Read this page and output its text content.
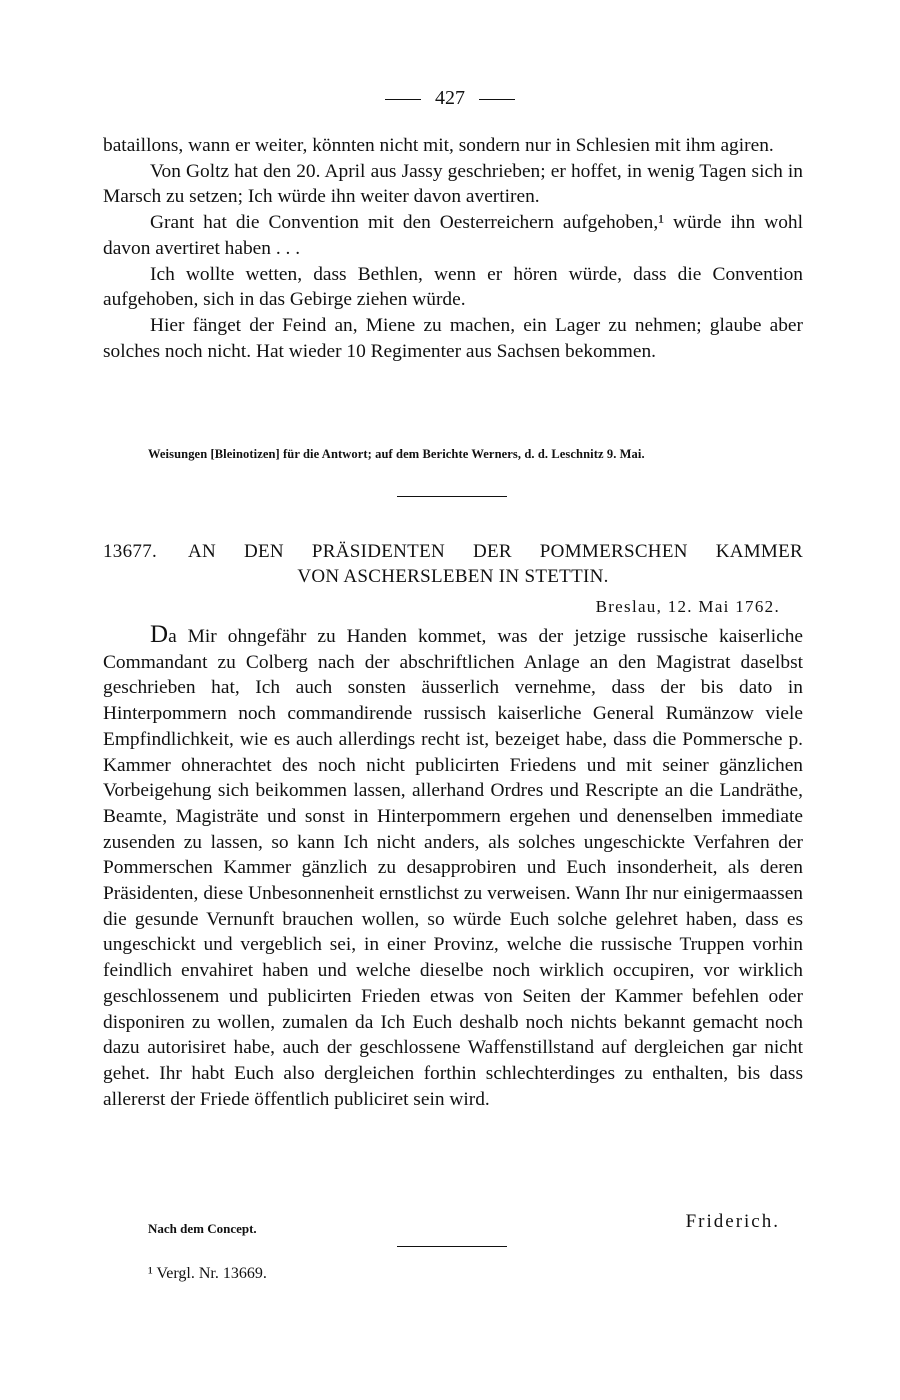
427

bataillons, wann er weiter, könnten nicht mit, sondern nur in Schlesien mit ihm agiren.

Von Goltz hat den 20. April aus Jassy geschrieben; er hoffet, in wenig Tagen sich in Marsch zu setzen; Ich würde ihn weiter davon avertiren.

Grant hat die Convention mit den Oesterreichern aufgehoben,¹ würde ihn wohl davon avertiret haben . . .

Ich wollte wetten, dass Bethlen, wenn er hören würde, dass die Convention aufgehoben, sich in das Gebirge ziehen würde.

Hier fänget der Feind an, Miene zu machen, ein Lager zu nehmen; glaube aber solches noch nicht. Hat wieder 10 Regimenter aus Sachsen bekommen.

Weisungen [Bleinotizen] für die Antwort; auf dem Berichte Werners, d. d. Leschnitz 9. Mai.
13677. AN DEN PRÄSIDENTEN DER POMMERSCHEN KAMMER
VON ASCHERSLEBEN IN STETTIN.
Breslau, 12. Mai 1762.

Da Mir ohngefähr zu Handen kommet, was der jetzige russische kaiserliche Commandant zu Colberg nach der abschriftlichen Anlage an den Magistrat daselbst geschrieben hat, Ich auch sonsten äusserlich vernehme, dass der bis dato in Hinterpommern noch commandirende russisch kaiserliche General Rumänzow viele Empfindlichkeit, wie es auch allerdings recht ist, bezeiget habe, dass die Pommersche p. Kammer ohnerachtet des noch nicht publicirten Friedens und mit seiner gänzlichen Vorbeigehung sich beikommen lassen, allerhand Ordres und Rescripte an die Landräthe, Beamte, Magisträte und sonst in Hinterpommern ergehen und denenselben immediate zusenden zu lassen, so kann Ich nicht anders, als solches ungeschickte Verfahren der Pommerschen Kammer gänzlich zu desapprobiren und Euch insonderheit, als deren Präsidenten, diese Unbesonnenheit ernstlichst zu verweisen. Wann Ihr nur einigermaassen die gesunde Vernunft brauchen wollen, so würde Euch solche gelehret haben, dass es ungeschickt und vergeblich sei, in einer Provinz, welche die russische Truppen vorhin feindlich envahiret haben und welche dieselbe noch wirklich occupiren, vor wirklich geschlossenem und publicirten Frieden etwas von Seiten der Kammer befehlen oder disponiren zu wollen, zumalen da Ich Euch deshalb noch nichts bekannt gemacht noch dazu autorisiret habe, auch der geschlossene Waffenstillstand auf dergleichen gar nicht gehet. Ihr habt Euch also dergleichen forthin schlechterdinges zu enthalten, bis dass allererst der Friede öffentlich publiciret sein wird.

Nach dem Concept.	Friderich.
¹ Vergl. Nr. 13669.
